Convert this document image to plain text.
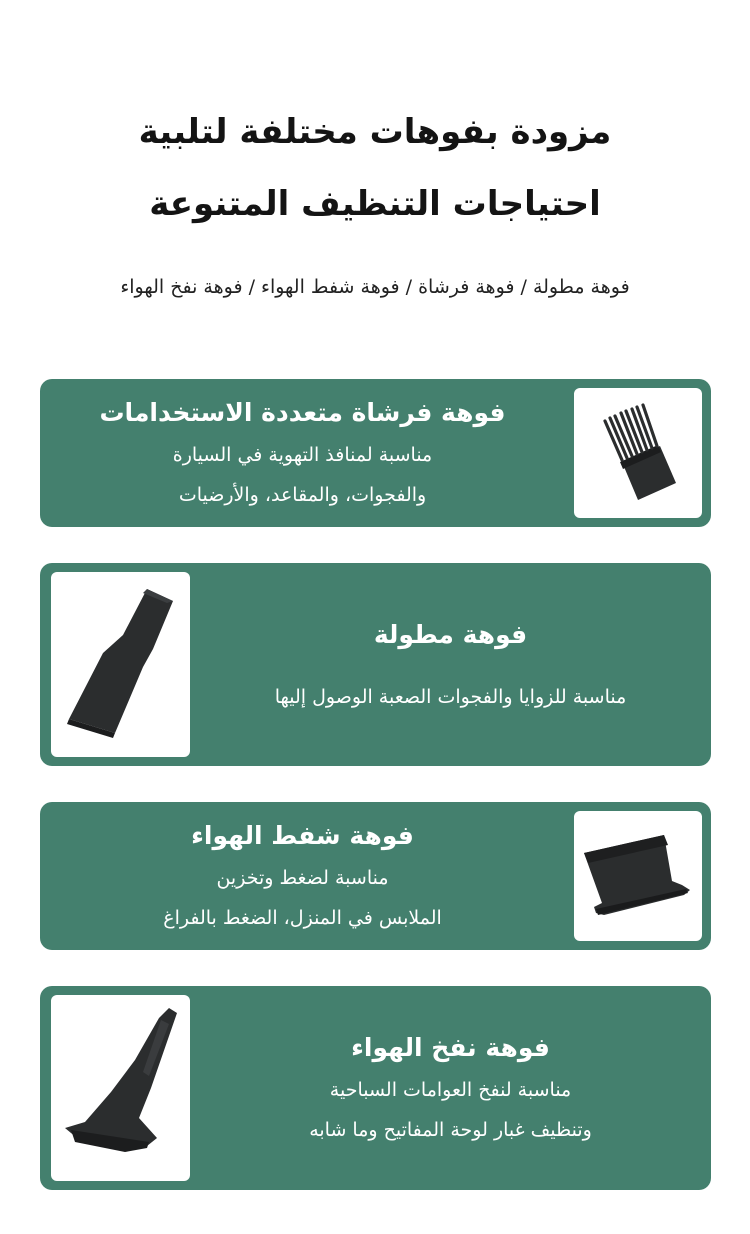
مزودة بفوهات مختلفة لتلبية
احتياجات التنظيف المتنوعة
فوهة مطولة / فوهة فرشاة / فوهة شفط الهواء / فوهة نفخ الهواء
فوهة فرشاة متعددة الاستخدامات
مناسبة لمنافذ التهوية في السيارة
والفجوات، والمقاعد، والأرضيات
فوهة مطولة
مناسبة للزوايا والفجوات الصعبة الوصول إليها
فوهة شفط الهواء
مناسبة لضغط وتخزين
الملابس في المنزل، الضغط بالفراغ
فوهة نفخ الهواء
مناسبة لنفخ العوامات السباحية
وتنظيف غبار لوحة المفاتيح وما شابه
